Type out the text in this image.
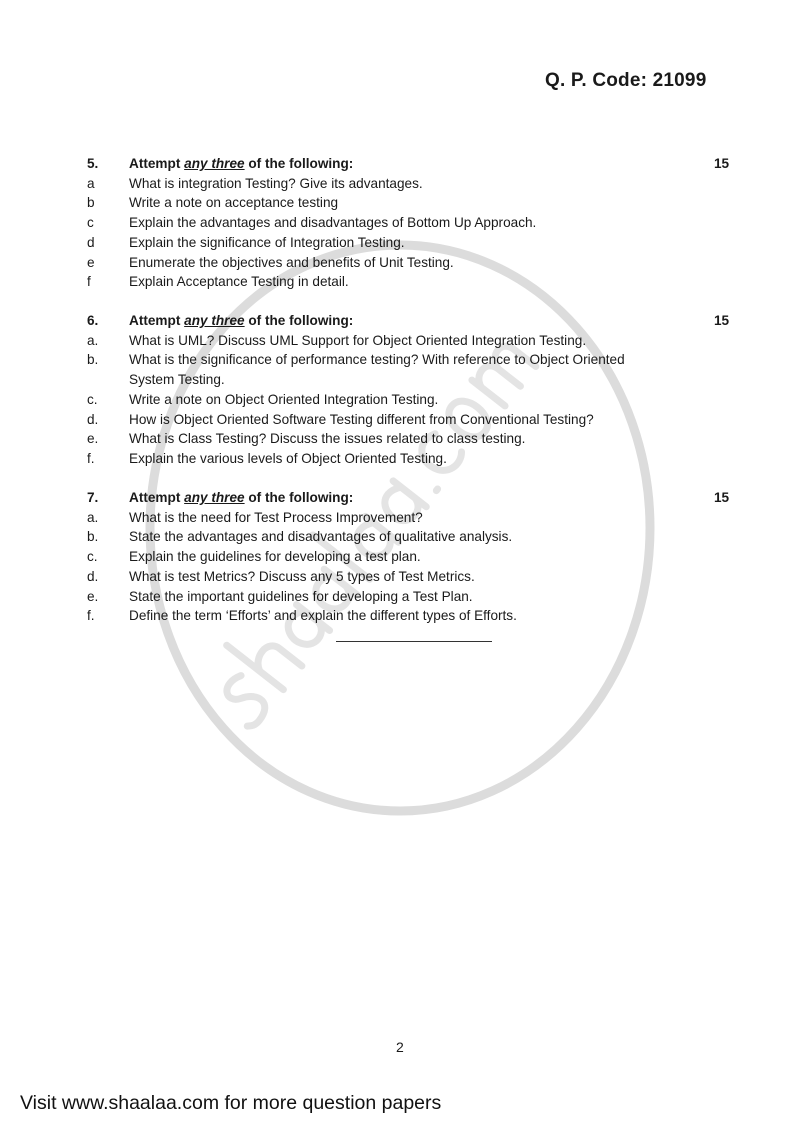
Q. P. Code: 21099
5. Attempt any three of the following:	15
a	What is integration Testing? Give its advantages.
b	Write a note on acceptance testing
c	Explain the advantages and disadvantages of Bottom Up Approach.
d	Explain the significance of Integration Testing.
e	Enumerate the objectives and benefits of Unit Testing.
f	Explain Acceptance Testing in detail.
6. Attempt any three of the following:	15
a. What is UML? Discuss UML Support for Object Oriented Integration Testing.
b. What is the significance of performance testing? With reference to Object Oriented
System Testing.
c. Write a note on Object Oriented Integration Testing.
d. How is Object Oriented Software Testing different from Conventional Testing?
e. What is Class Testing? Discuss the issues related to class testing.
f.	Explain the various levels of Object Oriented Testing.
7. Attempt any three of the following:	15
a. What is the need for Test Process Improvement?
b. State the advantages and disadvantages of qualitative analysis.
c. Explain the guidelines for developing a test plan.
d. What is test Metrics? Discuss any 5 types of Test Metrics.
e. State the important guidelines for developing a Test Plan.
f.	Define the term ‘Efforts’ and explain the different types of Efforts.
2
Visit www.shaalaa.com for more question papers
